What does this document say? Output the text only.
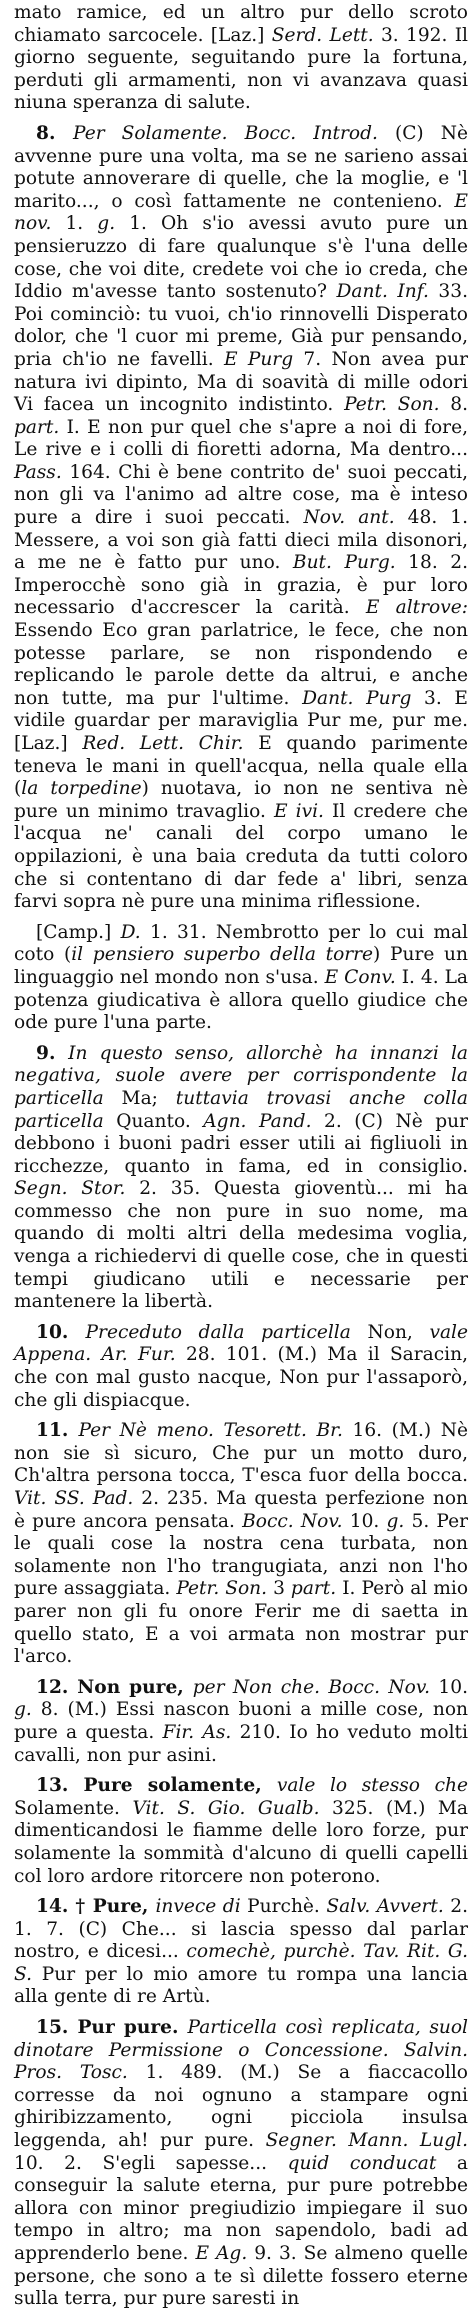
mato ramice, ed un altro pur dello scroto chiamato sarcocele. [Laz.] Serd. Lett. 3. 192. Il giorno seguente, seguitando pure la fortuna, perduti gli armamenti, non vi avanzava quasi niuna speranza di salute.

8. Per Solamente. Bocc. Introd. (C) Nè avvenne pure una volta, ma se ne sarieno assai potute annoverare di quelle, che la moglie, e 'l marito..., o così fattamente ne contenieno. E nov. 1. g. 1. Oh s'io avessi avuto pure un pensieruzzo di fare qualunque s'è l'una delle cose, che voi dite, credete voi che io creda, che Iddio m'avesse tanto sostenuto? Dant. Inf. 33. Poi cominciò: tu vuoi, ch'io rinnovelli Disperato dolor, che 'l cuor mi preme, Già pur pensando, pria ch'io ne favelli. E Purg 7. Non avea pur natura ivi dipinto, Ma di soavità di mille odori Vi facea un incognito indistinto. Petr. Son. 8. part. I. E non pur quel che s'apre a noi di fore, Le rive e i colli di fioretti adorna, Ma dentro... Pass. 164. Chi è bene contrito de' suoi peccati, non gli va l'animo ad altre cose, ma è inteso pure a dire i suoi peccati. Nov. ant. 48. 1. Messere, a voi son già fatti dieci mila disonori, a me ne è fatto pur uno. But. Purg. 18. 2. Imperocchè sono già in grazia, è pur loro necessario d'accrescer la carità. E altrove: Essendo Eco gran parlatrice, le fece, che non potesse parlare, se non rispondendo e replicando le parole dette da altrui, e anche non tutte, ma pur l'ultime. Dant. Purg 3. E vidile guardar per maraviglia Pur me, pur me. [Laz.] Red. Lett. Chir. E quando parimente teneva le mani in quell'acqua, nella quale ella (la torpedine) nuotava, io non ne sentiva nè pure un minimo travaglio. E ivi. Il credere che l'acqua ne' canali del corpo umano le oppilazioni, è una baia creduta da tutti coloro che si contentano di dar fede a' libri, senza farvi sopra nè pure una minima riflessione.

[Camp.] D. 1. 31. Nembrotto per lo cui mal coto (il pensiero superbo della torre) Pure un linguaggio nel mondo non s'usa. E Conv. I. 4. La potenza giudicativa è allora quello giudice che ode pure l'una parte.

9. In questo senso, allorchè ha innanzi la negativa, suole avere per corrispondente la particella Ma; tuttavia trovasi anche colla particella Quanto. Agn. Pand. 2. (C) Nè pur debbono i buoni padri esser utili ai figliuoli in ricchezze, quanto in fama, ed in consiglio. Segn. Stor. 2. 35. Questa gioventù... mi ha commesso che non pure in suo nome, ma quando di molti altri della medesima voglia, venga a richiedervi di quelle cose, che in questi tempi giudicano utili e necessarie per mantenere la libertà.

10. Preceduto dalla particella Non, vale Appena. Ar. Fur. 28. 101. (M.) Ma il Saracin, che con mal gusto nacque, Non pur l'assaporò, che gli dispiacque.

11. Per Nè meno. Tesorett. Br. 16. (M.) Nè non sie sì sicuro, Che pur un motto duro, Ch'altra persona tocca, T'esca fuor della bocca. Vit. SS. Pad. 2. 235. Ma questa perfezione non è pure ancora pensata. Bocc. Nov. 10. g. 5. Per le quali cose la nostra cena turbata, non solamente non l'ho trangugiata, anzi non l'ho pure assaggiata. Petr. Son. 3 part. I. Però al mio parer non gli fu onore Ferir me di saetta in quello stato, E a voi armata non mostrar pur l'arco.

12. Non pure, per Non che. Bocc. Nov. 10. g. 8. (M.) Essi nascon buoni a mille cose, non pure a questa. Fir. As. 210. Io ho veduto molti cavalli, non pur asini.

13. Pure solamente, vale lo stesso che Solamente. Vit. S. Gio. Gualb. 325. (M.) Ma dimenticandosi le fiamme delle loro forze, pur solamente la sommità d'alcuno di quelli capelli col loro ardore ritorcere non poterono.

14. † Pure, invece di Purchè. Salv. Avvert. 2. 1. 7. (C) Che... si lascia spesso dal parlar nostro, e dicesi... comechè, purchè. Tav. Rit. G. S. Pur per lo mio amore tu rompa una lancia alla gente di re Artù.

15. Pur pure. Particella così replicata, suol dinotare Permissione o Concessione. Salvin. Pros. Tosc. 1. 489. (M.) Se a fiaccacollo corresse da noi ognuno a stampare ogni ghiribizzamento, ogni picciola insulsa leggenda, ah! pur pure. Segner. Mann. Lugl. 10. 2. S'egli sapesse... quid conducat a conseguir la salute eterna, pur pure potrebbe allora con minor pregiudizio impiegare il suo tempo in altro; ma non sapendolo, badi ad apprenderlo bene. E Ag. 9. 3. Se almeno quelle persone, che sono a te sì dilette fossero eterne sulla terra, pur pure saresti in
